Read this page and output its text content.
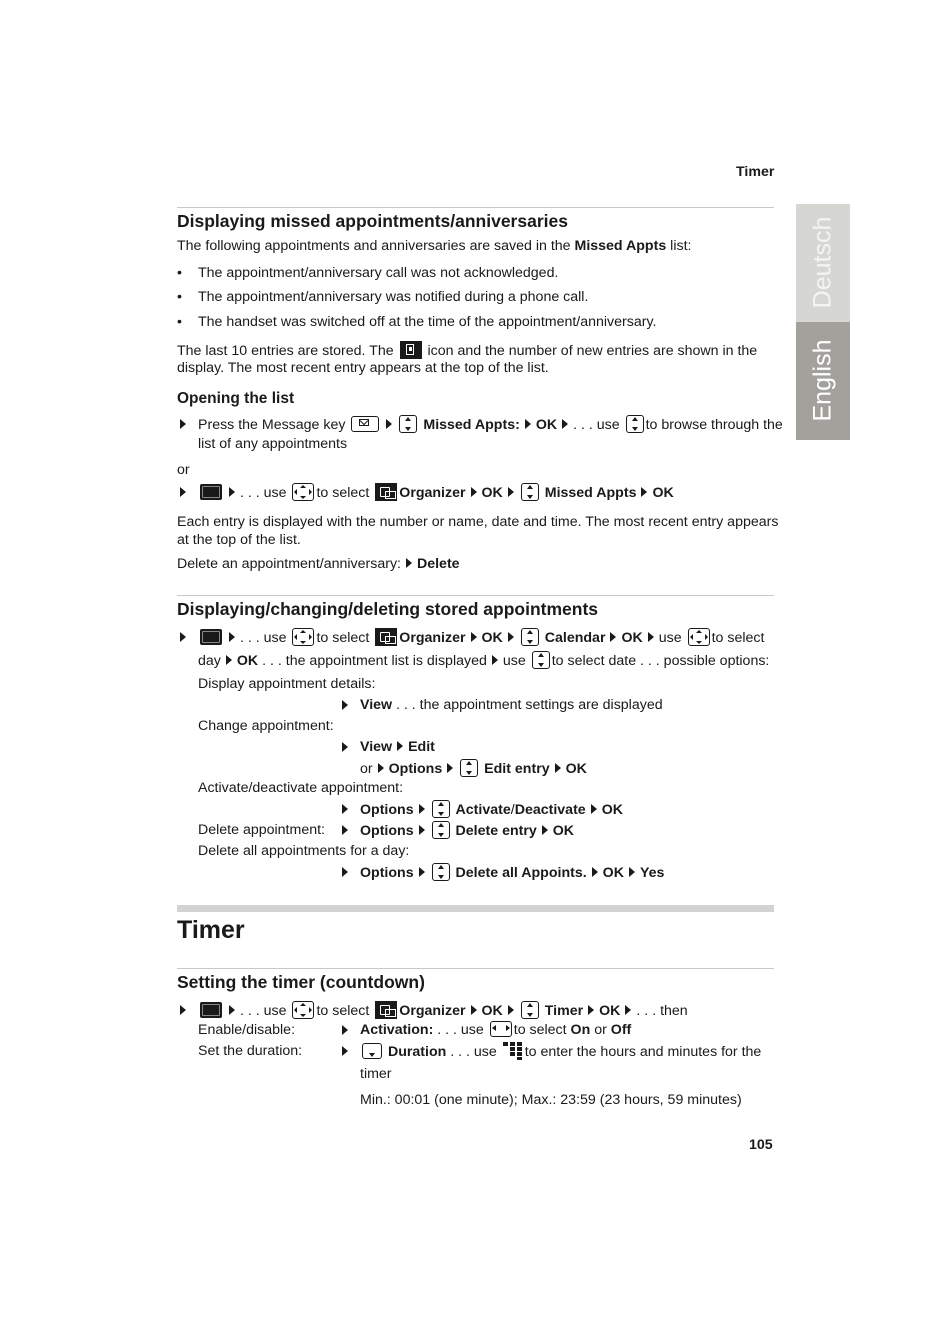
Timer
Deutsch
English
Displaying missed appointments/anniversaries
The following appointments and anniversaries are saved in the Missed Appts list:
• The appointment/anniversary call was not acknowledged.
• The appointment/anniversary was notified during a phone call.
• The handset was switched off at the time of the appointment/anniversary.
The last 10 entries are stored. The icon and the number of new entries are shown in the
display. The most recent entry appears at the top of the list.
Opening the list
Press the Message key	Missed Appts: OK . . . use to browse through the
list of any appointments
or
. . . use to select Organizer OK	Missed Appts OK
Each entry is displayed with the number or name, date and time. The most recent entry appears
at the top of the list.
Delete an appointment/anniversary: Delete
Displaying/changing/deleting stored appointments
. . . use to select Organizer OK	Calendar OK use to select
day OK . . . the appointment list is displayed use to select date . . . possible options:
Display appointment details:
View . . . the appointment settings are displayed
Change appointment:
View Edit
or Options	Edit entry OK
Activate/deactivate appointment:
Options	Activate/Deactivate OK
Delete appointment: Options	Delete entry OK
Delete all appointments for a day:
Options	Delete all Appoints. OK Yes
Timer
Setting the timer (countdown)
. . . use to select Organizer OK	Timer OK . . . then
Enable/disable:	Activation: . . . use to select On or Off
Set the duration:	Duration . . . use to enter the hours and minutes for the
timer
Min.: 00:01 (one minute); Max.: 23:59 (23 hours, 59 minutes)
105
